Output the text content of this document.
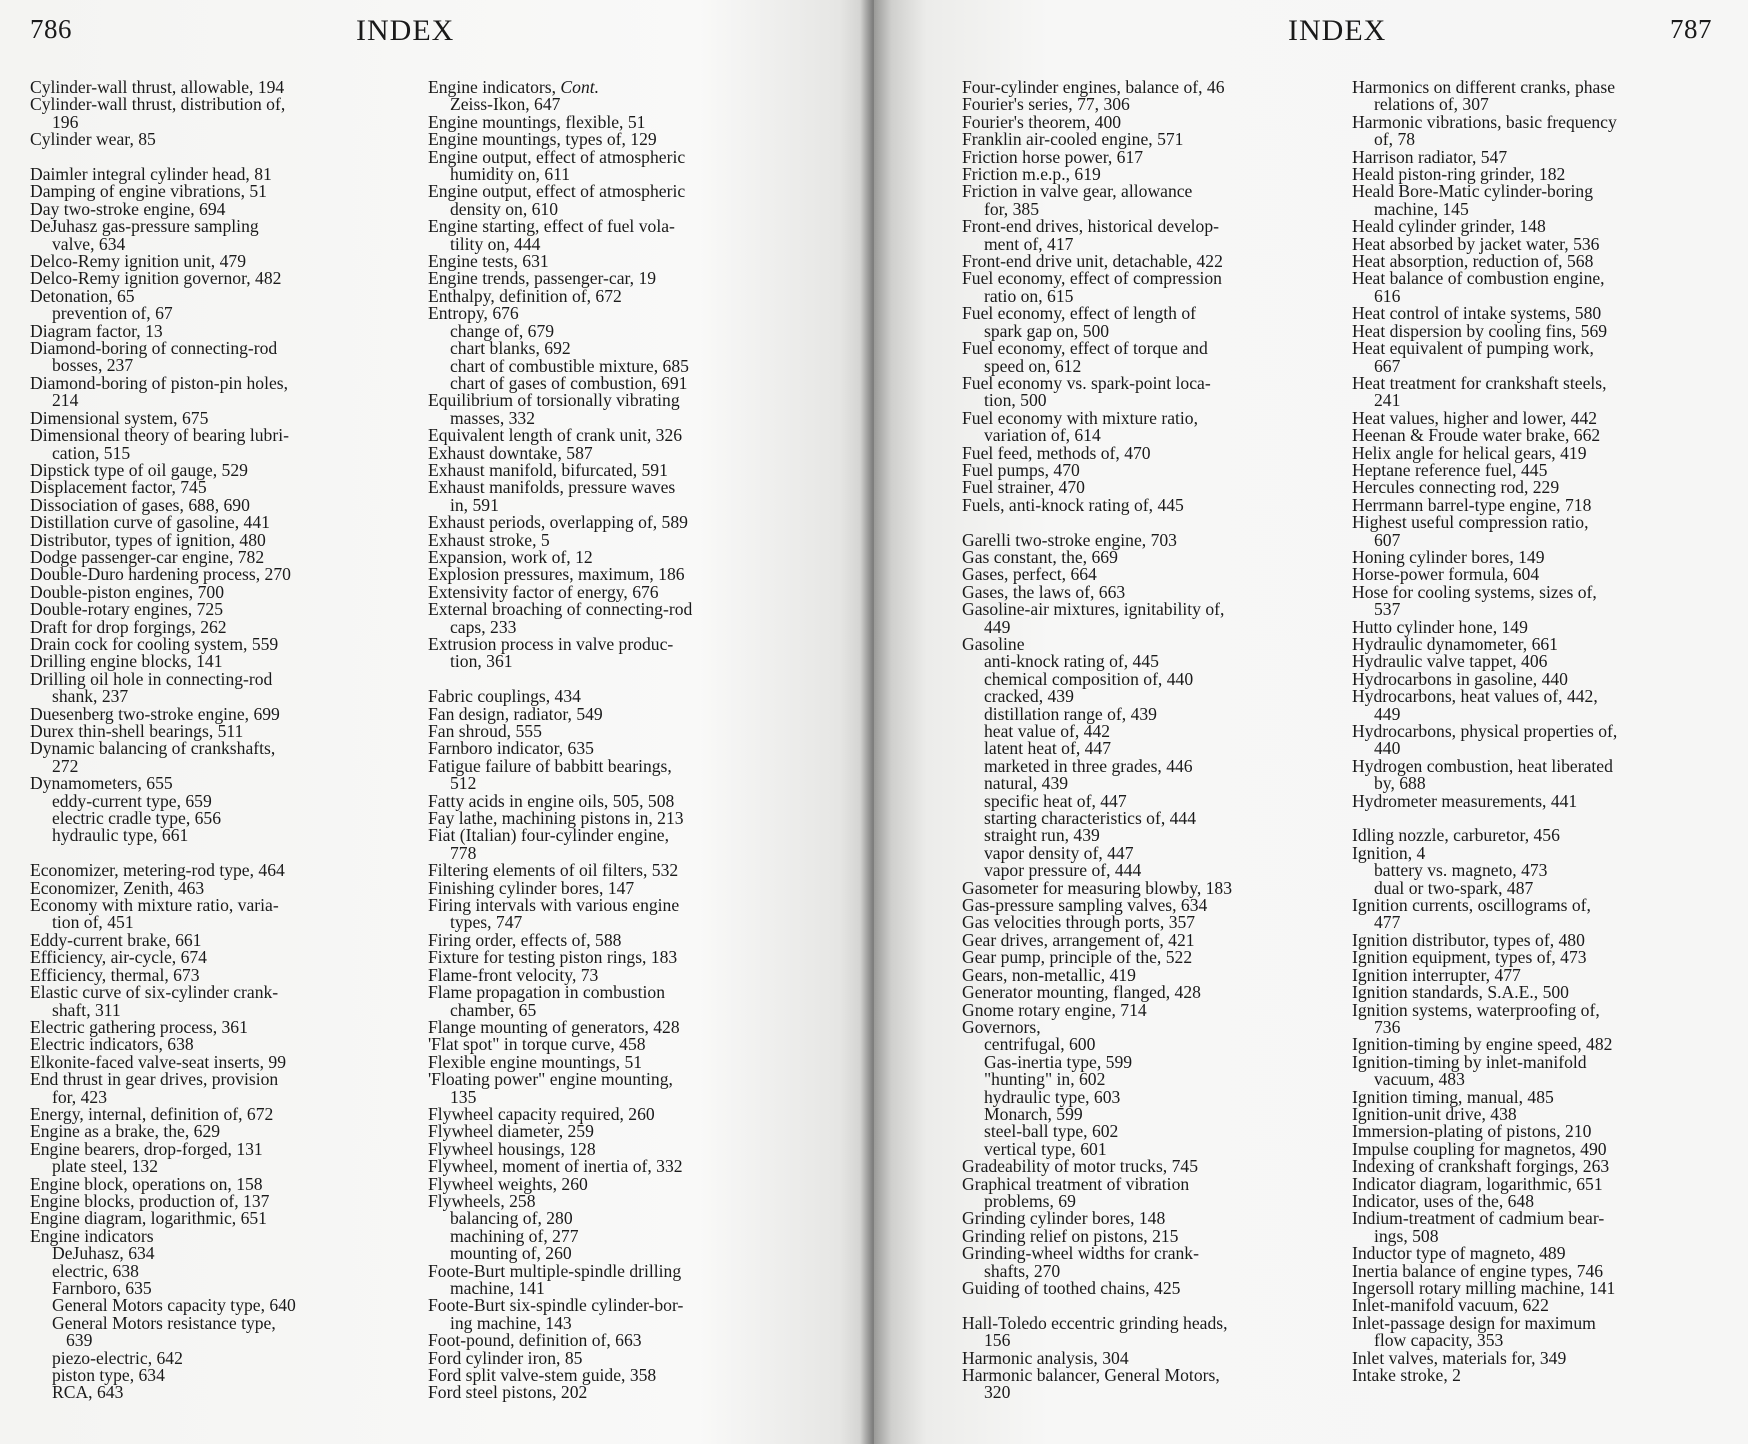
786	INDEX
Cylinder-wall thrust, allowable, 194
Cylinder-wall thrust, distribution of,
196
Cylinder wear, 85
Daimler integral cylinder head, 81
Damping of engine vibrations, 51
Day two-stroke engine, 694
DeJuhasz gas-pressure sampling
valve, 634
Delco-Remy ignition unit, 479
Delco-Remy ignition governor, 482
Detonation, 65
prevention of, 67
Diagram factor, 13
Diamond-boring of connecting-rod
bosses, 237
Diamond-boring of piston-pin holes,
214
Dimensional system, 675
Dimensional theory of bearing lubri-
cation, 515
Dipstick type of oil gauge, 529
Displacement factor, 745
Dissociation of gases, 688, 690
Distillation curve of gasoline, 441
Distributor, types of ignition, 480
Dodge passenger-car engine, 782
Double-Duro hardening process, 270
Double-piston engines, 700
Double-rotary engines, 725
Draft for drop forgings, 262
Drain cock for cooling system, 559
Drilling engine blocks, 141
Drilling oil hole in connecting-rod
shank, 237
Duesenberg two-stroke engine, 699
Durex thin-shell bearings, 511
Dynamic balancing of crankshafts,
272
Dynamometers, 655
eddy-current type, 659
electric cradle type, 656
hydraulic type, 661
Economizer, metering-rod type, 464
Economizer, Zenith, 463
Economy with mixture ratio, varia-
tion of, 451
Eddy-current brake, 661
Efficiency, air-cycle, 674
Efficiency, thermal, 673
Elastic curve of six-cylinder crank-
shaft, 311
Electric gathering process, 361
Electric indicators, 638
Elkonite-faced valve-seat inserts, 99
End thrust in gear drives, provision
for, 423
Energy, internal, definition of, 672
Engine as a brake, the, 629
Engine bearers, drop-forged, 131
plate steel, 132
Engine block, operations on, 158
Engine blocks, production of, 137
Engine diagram, logarithmic, 651
Engine indicators
DeJuhasz, 634
electric, 638
Farnboro, 635
General Motors capacity type, 640
General Motors resistance type,
639
piezo-electric, 642
piston type, 634
RCA, 643
Engine indicators, Cont.
Zeiss-Ikon, 647
Engine mountings, flexible, 51
Engine mountings, types of, 129
Engine output, effect of atmospheric
humidity on, 611
Engine output, effect of atmospheric
density on, 610
Engine starting, effect of fuel vola-
tility on, 444
Engine tests, 631
Engine trends, passenger-car, 19
Enthalpy, definition of, 672
Entropy, 676
change of, 679
chart blanks, 692
chart of combustible mixture, 685
chart of gases of combustion, 691
Equilibrium of torsionally vibrating
masses, 332
Equivalent length of crank unit, 326
Exhaust downtake, 587
Exhaust manifold, bifurcated, 591
Exhaust manifolds, pressure waves
in, 591
Exhaust periods, overlapping of, 589
Exhaust stroke, 5
Expansion, work of, 12
Explosion pressures, maximum, 186
Extensivity factor of energy, 676
External broaching of connecting-rod
caps, 233
Extrusion process in valve produc-
tion, 361
Fabric couplings, 434
Fan design, radiator, 549
Fan shroud, 555
Farnboro indicator, 635
Fatigue failure of babbitt bearings,
512
Fatty acids in engine oils, 505, 508
Fay lathe, machining pistons in, 213
Fiat (Italian) four-cylinder engine,
778
Filtering elements of oil filters, 532
Finishing cylinder bores, 147
Firing intervals with various engine
types, 747
Firing order, effects of, 588
Fixture for testing piston rings, 183
Flame-front velocity, 73
Flame propagation in combustion
chamber, 65
Flange mounting of generators, 428
'Flat spot" in torque curve, 458
Flexible engine mountings, 51
'Floating power" engine mounting,
135
Flywheel capacity required, 260
Flywheel diameter, 259
Flywheel housings, 128
Flywheel, moment of inertia of, 332
Flywheel weights, 260
Flywheels, 258
balancing of, 280
machining of, 277
mounting of, 260
Foote-Burt multiple-spindle drilling
machine, 141
Foote-Burt six-spindle cylinder-bor-
ing machine, 143
Foot-pound, definition of, 663
Ford cylinder iron, 85
Ford split valve-stem guide, 358
Ford steel pistons, 202
INDEX	787
Four-cylinder engines, balance of, 46
Fourier's series, 77, 306
Fourier's theorem, 400
Franklin air-cooled engine, 571
Friction horse power, 617
Friction m.e.p., 619
Friction in valve gear, allowance
for, 385
Front-end drives, historical develop-
ment of, 417
Front-end drive unit, detachable, 422
Fuel economy, effect of compression
ratio on, 615
Fuel economy, effect of length of
spark gap on, 500
Fuel economy, effect of torque and
speed on, 612
Fuel economy vs. spark-point loca-
tion, 500
Fuel economy with mixture ratio,
variation of, 614
Fuel feed, methods of, 470
Fuel pumps, 470
Fuel strainer, 470
Fuels, anti-knock rating of, 445
Garelli two-stroke engine, 703
Gas constant, the, 669
Gases, perfect, 664
Gases, the laws of, 663
Gasoline-air mixtures, ignitability of,
449
Gasoline
anti-knock rating of, 445
chemical composition of, 440
cracked, 439
distillation range of, 439
heat value of, 442
latent heat of, 447
marketed in three grades, 446
natural, 439
specific heat of, 447
starting characteristics of, 444
straight run, 439
vapor density of, 447
vapor pressure of, 444
Gasometer for measuring blowby, 183
Gas-pressure sampling valves, 634
Gas velocities through ports, 357
Gear drives, arrangement of, 421
Gear pump, principle of the, 522
Gears, non-metallic, 419
Generator mounting, flanged, 428
Gnome rotary engine, 714
Governors,
centrifugal, 600
Gas-inertia type, 599
"hunting" in, 602
hydraulic type, 603
Monarch, 599
steel-ball type, 602
vertical type, 601
Gradeability of motor trucks, 745
Graphical treatment of vibration
problems, 69
Grinding cylinder bores, 148
Grinding relief on pistons, 215
Grinding-wheel widths for crank-
shafts, 270
Guiding of toothed chains, 425
Hall-Toledo eccentric grinding heads,
156
Harmonic analysis, 304
Harmonic balancer, General Motors,
320
Harmonics on different cranks, phase
relations of, 307
Harmonic vibrations, basic frequency
of, 78
Harrison radiator, 547
Heald piston-ring grinder, 182
Heald Bore-Matic cylinder-boring
machine, 145
Heald cylinder grinder, 148
Heat absorbed by jacket water, 536
Heat absorption, reduction of, 568
Heat balance of combustion engine,
616
Heat control of intake systems, 580
Heat dispersion by cooling fins, 569
Heat equivalent of pumping work,
667
Heat treatment for crankshaft steels,
241
Heat values, higher and lower, 442
Heenan & Froude water brake, 662
Helix angle for helical gears, 419
Heptane reference fuel, 445
Hercules connecting rod, 229
Herrmann barrel-type engine, 718
Highest useful compression ratio,
607
Honing cylinder bores, 149
Horse-power formula, 604
Hose for cooling systems, sizes of,
537
Hutto cylinder hone, 149
Hydraulic dynamometer, 661
Hydraulic valve tappet, 406
Hydrocarbons in gasoline, 440
Hydrocarbons, heat values of, 442,
449
Hydrocarbons, physical properties of,
440
Hydrogen combustion, heat liberated
by, 688
Hydrometer measurements, 441
Idling nozzle, carburetor, 456
Ignition, 4
battery vs. magneto, 473
dual or two-spark, 487
Ignition currents, oscillograms of,
477
Ignition distributor, types of, 480
Ignition equipment, types of, 473
Ignition interrupter, 477
Ignition standards, S.A.E., 500
Ignition systems, waterproofing of,
736
Ignition-timing by engine speed, 482
Ignition-timing by inlet-manifold
vacuum, 483
Ignition timing, manual, 485
Ignition-unit drive, 438
Immersion-plating of pistons, 210
Impulse coupling for magnetos, 490
Indexing of crankshaft forgings, 263
Indicator diagram, logarithmic, 651
Indicator, uses of the, 648
Indium-treatment of cadmium bear-
ings, 508
Inductor type of magneto, 489
Inertia balance of engine types, 746
Ingersoll rotary milling machine, 141
Inlet-manifold vacuum, 622
Inlet-passage design for maximum
flow capacity, 353
Inlet valves, materials for, 349
Intake stroke, 2
